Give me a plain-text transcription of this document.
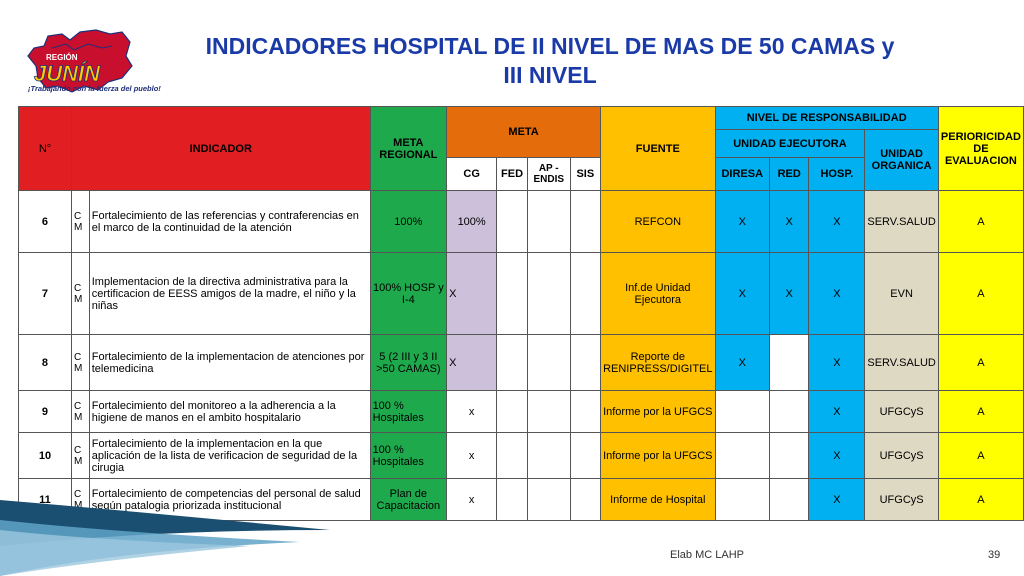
REGIÓN
JUNÍN
¡Trabajando con la fuerza del pueblo!
INDICADORES HOSPITAL DE II NIVEL DE MAS DE 50 CAMAS y
III NIVEL
N°	INDICADOR		META REGIONAL	META				FUENTE	NIVEL DE RESPONSABILIDAD				PERIORICIDAD DE EVALUACION
									UNIDAD EJECUTORA			UNIDAD ORGANICA	
				CG	FED	AP - ENDIS	SIS		DIRESA	RED	HOSP.		
6	C M	Fortalecimiento de las referencias y contraferencias en el marco de la continuidad de la atención	100%	100%				REFCON	X	X	X	SERV.SALUD	A
7	C M	Implementacion de la directiva administrativa para la certificacion de EESS amigos de la madre, el niño y la niñas	100% HOSP y I-4	X				Inf.de Unidad Ejecutora	X	X	X	EVN	A
8	C M	Fortalecimiento de la implementacion de atenciones por telemedicina	5 (2 III y 3 II >50 CAMAS)	X				Reporte de RENIPRESS/DIGITEL	X		X	SERV.SALUD	A
9	C M	Fortalecimiento del monitoreo a la adherencia a la higiene de manos en el ambito hospitalario	100 % Hospitales	x				Informe por la UFGCS			X	UFGCyS	A
10	C M	Fortalecimiento de la implementacion en la que aplicación de la lista de verificacion de seguridad de la cirugia	100 % Hospitales	x				Informe por la UFGCS			X	UFGCyS	A
11	C M	Fortalecimiento de competencias del personal de salud según patalogia priorizada institucional	Plan de Capacitacion	x				Informe de Hospital			X	UFGCyS	A
Elab MC LAHP	39
